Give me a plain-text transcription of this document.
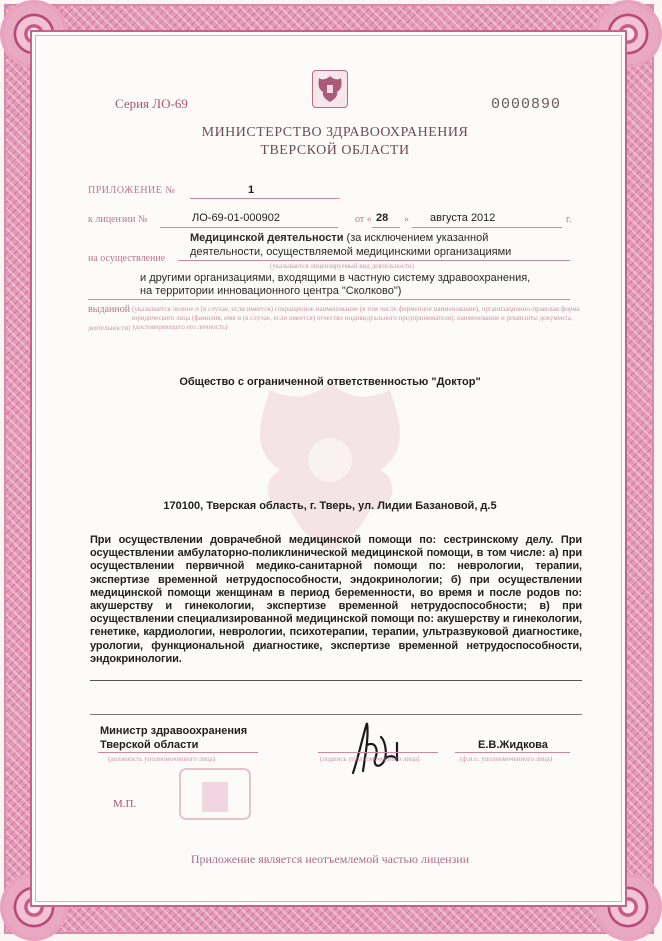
Серия ЛО-69	0000890
МИНИСТЕРСТВО ЗДРАВООХРАНЕНИЯ
ТВЕРСКОЙ ОБЛАСТИ
ПРИЛОЖЕНИЕ №	1
к лицензии №	ЛО-69-01-000902	от « 28 » августа 2012	г.
на осуществление
Медицинской деятельности (за исключением указанной
деятельности, осуществляемой медицинскими организациями
(указывается лицензируемый вид деятельности)
и другими организациями, входящими в частную систему здравоохранения,
на территории инновационного центра "Сколково")
выданной (указывается полное и (в случае, если имеется) сокращенное наименование (в том числе фирменное наименование), организационно-правовая форма юридического лица (фамилия, имя и (в случае, если имеется) отчество индивидуального предпринимателя), наименование и реквизиты документа, удостоверяющего его личность)
деятельности)
Общество с ограниченной ответственностью "Доктор"
170100, Тверская область, г. Тверь, ул. Лидии Базановой, д.5
При осуществлении доврачебной медицинской помощи по: сестринскому делу. При осуществлении амбулаторно-поликлинической медицинской помощи, в том числе: а) при осуществлении первичной медико-санитарной помощи по: неврологии, терапии, экспертизе временной нетрудоспособности, эндокринологии; б) при осуществлении медицинской помощи женщинам в период беременности, во время и после родов по: акушерству и гинекологии, экспертизе временной нетрудоспособности; в) при осуществлении специализированной медицинской помощи по: акушерству и гинекологии, генетике, кардиологии, неврологии, психотерапии, терапии, ультразвуковой диагностике, урологии, функциональной диагностике, экспертизе временной нетрудоспособности, эндокринологии.
Министр здравоохранения
Тверской области
(должность уполномоченного лица)	(подпись уполномоченного лица)
Е.В.Жидкова
(ф.и.о. уполномоченного лица)
М.П.
Приложение является неотъемлемой частью лицензии
